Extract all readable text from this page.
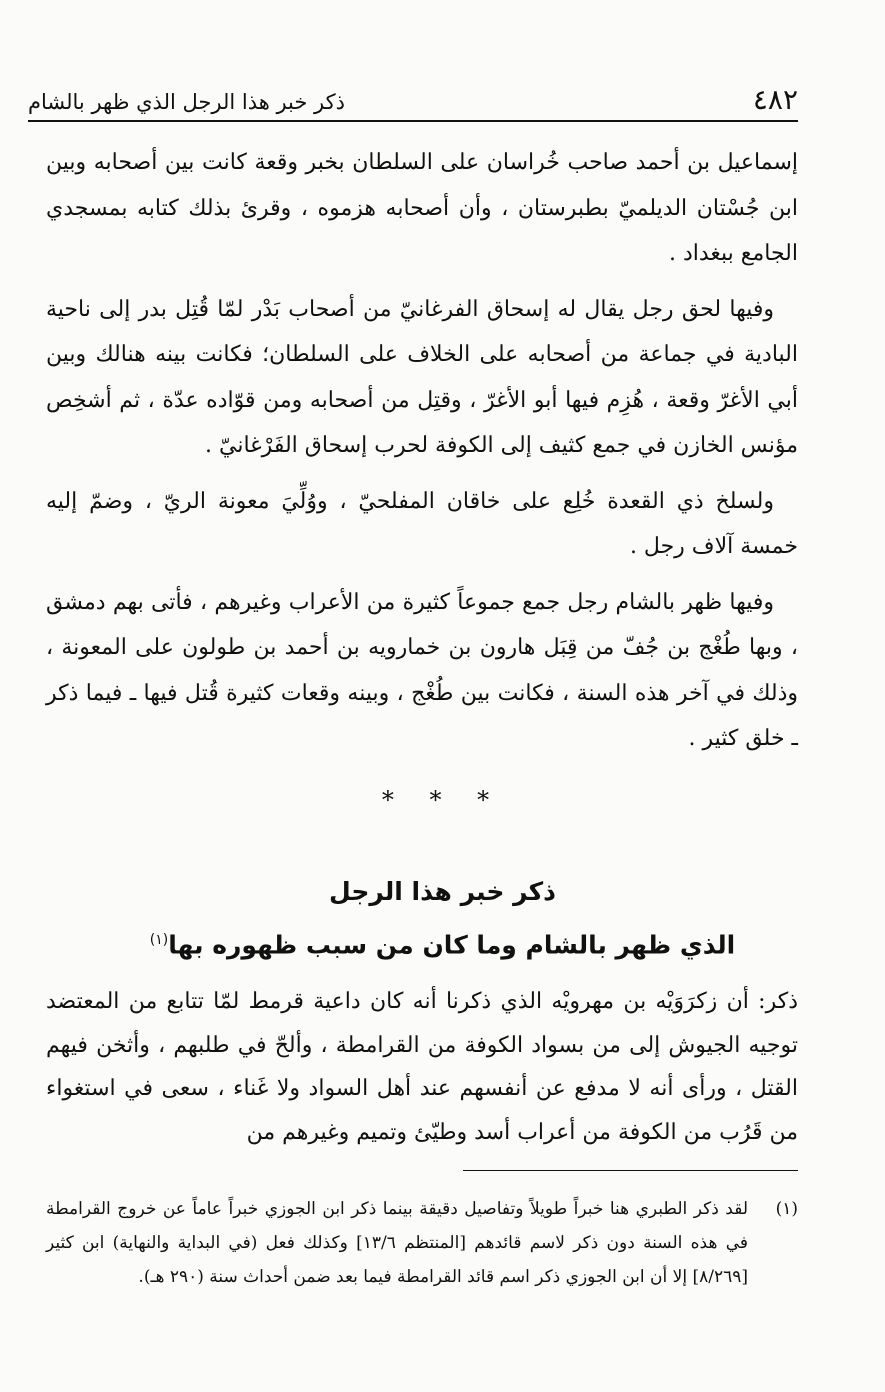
٤٨٢
ذكر خبر هذا الرجل الذي ظهر بالشام

إسماعيل بن أحمد صاحب خُراسان على السلطان بخبر وقعة كانت بين أصحابه وبين ابن جُسْتان الديلميّ بطبرستان ، وأن أصحابه هزموه ، وقرئ بذلك كتابه بمسجدي الجامع ببغداد .

وفيها لحق رجل يقال له إسحاق الفرغانيّ من أصحاب بَدْر لمّا قُتِل بدر إلى ناحية البادية في جماعة من أصحابه على الخلاف على السلطان؛ فكانت بينه هنالك وبين أبي الأغرّ وقعة ، هُزِم فيها أبو الأغرّ ، وقتِل من أصحابه ومن قوّاده عدّة ، ثم أشخِص مؤنس الخازن في جمع كثيف إلى الكوفة لحرب إسحاق الفَرْغانيّ .

ولسلخ ذي القعدة خُلِع على خاقان المفلحيّ ، ووُلِّيَ معونة الريّ ، وضمّ إليه خمسة آلاف رجل .

وفيها ظهر بالشام رجل جمع جموعاً كثيرة من الأعراب وغيرهم ، فأتى بهم دمشق ، وبها طُغْج بن جُفّ من قِبَل هارون بن خمارويه بن أحمد بن طولون على المعونة ، وذلك في آخر هذه السنة ، فكانت بين طُغْج ، وبينه وقعات كثيرة قُتل فيها ـ فيما ذكر ـ خلق كثير .

* * *
ذكر خبر هذا الرجل
الذي ظهر بالشام وما كان من سبب ظهوره بها$^{(١)}$
ذكر: أن زكرَوَيْه بن مهرويْه الذي ذكرنا أنه كان داعية قرمط لمّا تتابع من المعتضد توجيه الجيوش إلى من بسواد الكوفة من القرامطة ، وألحّ في طلبهم ، وأثخن فيهم القتل ، ورأى أنه لا مدفع عن أنفسهم عند أهل السواد ولا غَناء ، سعى في استغواء من قَرُب من الكوفة من أعراب أسد وطيّئ وتميم وغيرهم من
(١)
لقد ذكر الطبري هنا خبراً طويلاً وتفاصيل دقيقة بينما ذكر ابن الجوزي خبراً عاماً عن خروج القرامطة في هذه السنة دون ذكر لاسم قائدهم [المنتظم ١٣/٦] وكذلك فعل (في البداية والنهاية) ابن كثير [٨/٢٦٩] إلا أن ابن الجوزي ذكر اسم قائد القرامطة فيما بعد ضمن أحداث سنة (٢٩٠ هـ).
